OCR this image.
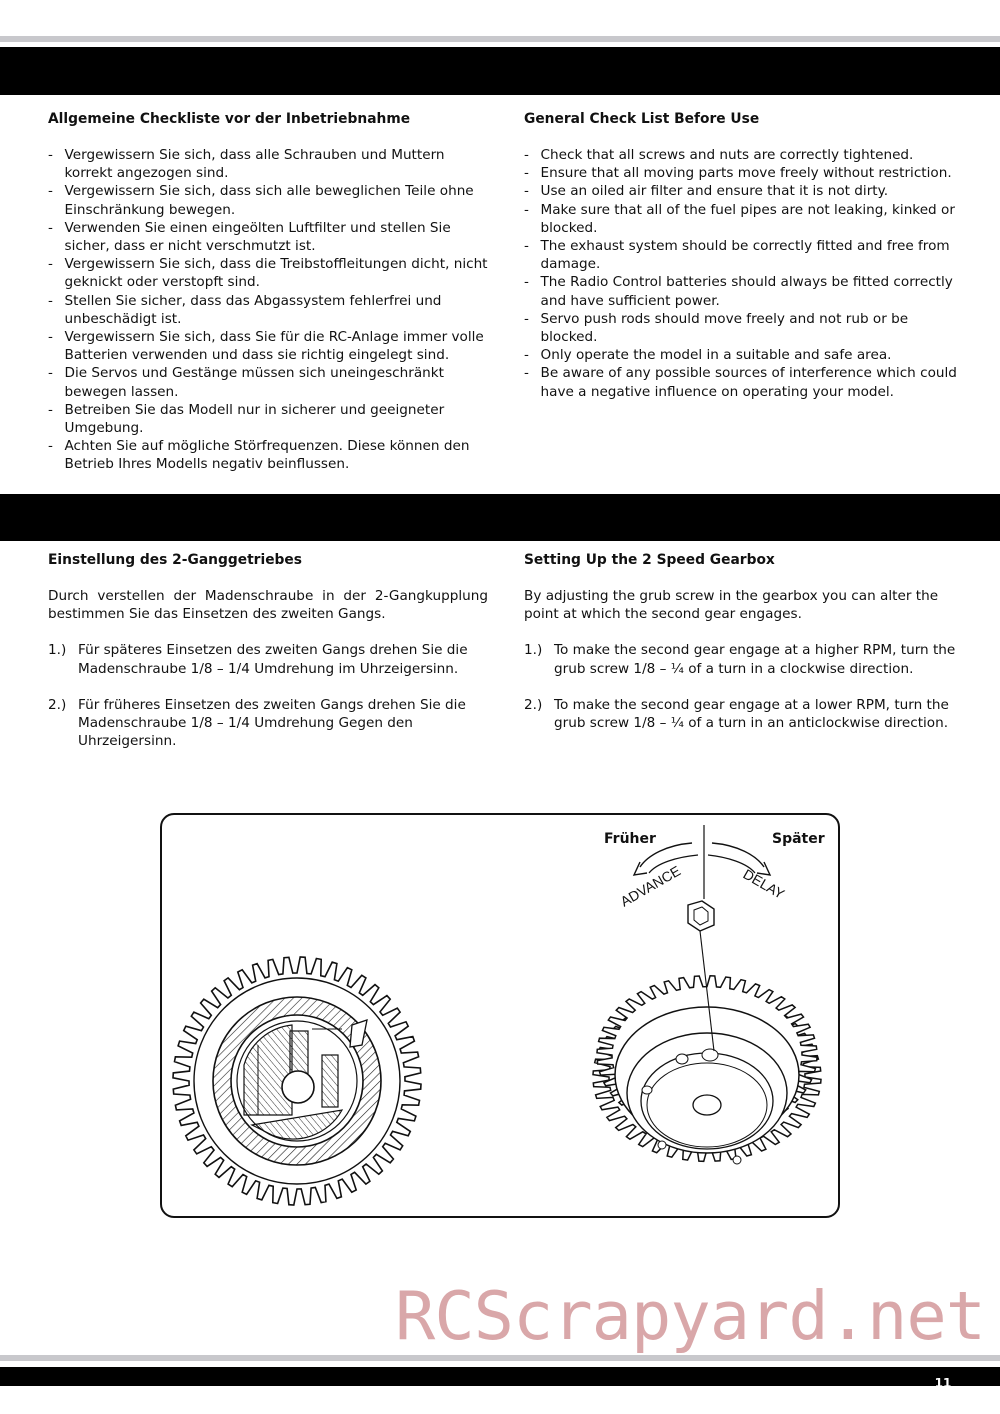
Allgemeine Checkliste vor der Inbetriebnahme
- Vergewissern Sie sich, dass alle Schrauben und Muttern korrekt angezogen sind.
- Vergewissern Sie sich, dass sich alle beweglichen Teile ohne Einschränkung bewegen.
- Verwenden Sie einen eingeölten Luftfilter und stellen Sie sicher, dass er nicht verschmutzt ist.
- Vergewissern Sie sich, dass die Treibstoffleitungen dicht, nicht geknickt oder verstopft sind.
- Stellen Sie sicher, dass das Abgassystem fehlerfrei und unbeschädigt ist.
- Vergewissern Sie sich, dass Sie für die RC-Anlage immer volle Batterien verwenden und dass sie richtig eingelegt sind.
- Die Servos und Gestänge müssen sich uneingeschränkt bewegen lassen.
- Betreiben Sie das Modell nur in sicherer und geeigneter Umgebung.
- Achten Sie auf mögliche Störfrequenzen. Diese können den Betrieb Ihres Modells negativ beinflussen.
General Check List Before Use
- Check that all screws and nuts are correctly tightened.
- Ensure that all moving parts move freely without restriction.
- Use an oiled air filter and ensure that it is not dirty.
- Make sure that all of the fuel pipes are not leaking, kinked or blocked.
- The exhaust system should be correctly fitted and free from damage.
- The Radio Control batteries should always be fitted correctly and have sufficient power.
- Servo push rods should move freely and not rub or be blocked.
- Only operate the model in a suitable and safe area.
- Be aware of any possible sources of interference which could have a negative influence on operating your model.
Einstellung des 2-Ganggetriebes

Durch verstellen der Madenschraube in der 2-Gangkupplung bestimmen Sie das Einsetzen des zweiten Gangs.

1.) Für späteres Einsetzen des zweiten Gangs drehen Sie die Madenschraube 1/8 – 1/4 Umdrehung im Uhrzeigersinn.
2.) Für früheres Einsetzen des zweiten Gangs drehen Sie die Madenschraube 1/8 – 1/4 Umdrehung Gegen den Uhrzeigersinn.
Setting Up the 2 Speed Gearbox

By adjusting the grub screw in the gearbox you can alter the point at which the second gear engages.

1.) To make the second gear engage at a higher RPM, turn the grub screw 1/8 – ¼ of a turn in a clockwise direction.
2.) To make the second gear engage at a lower RPM, turn the grub screw 1/8 – ¼ of a turn in an anticlockwise direction.
ADVANCE	DELAY
Früher	Später
RCScrapyard.net
11
